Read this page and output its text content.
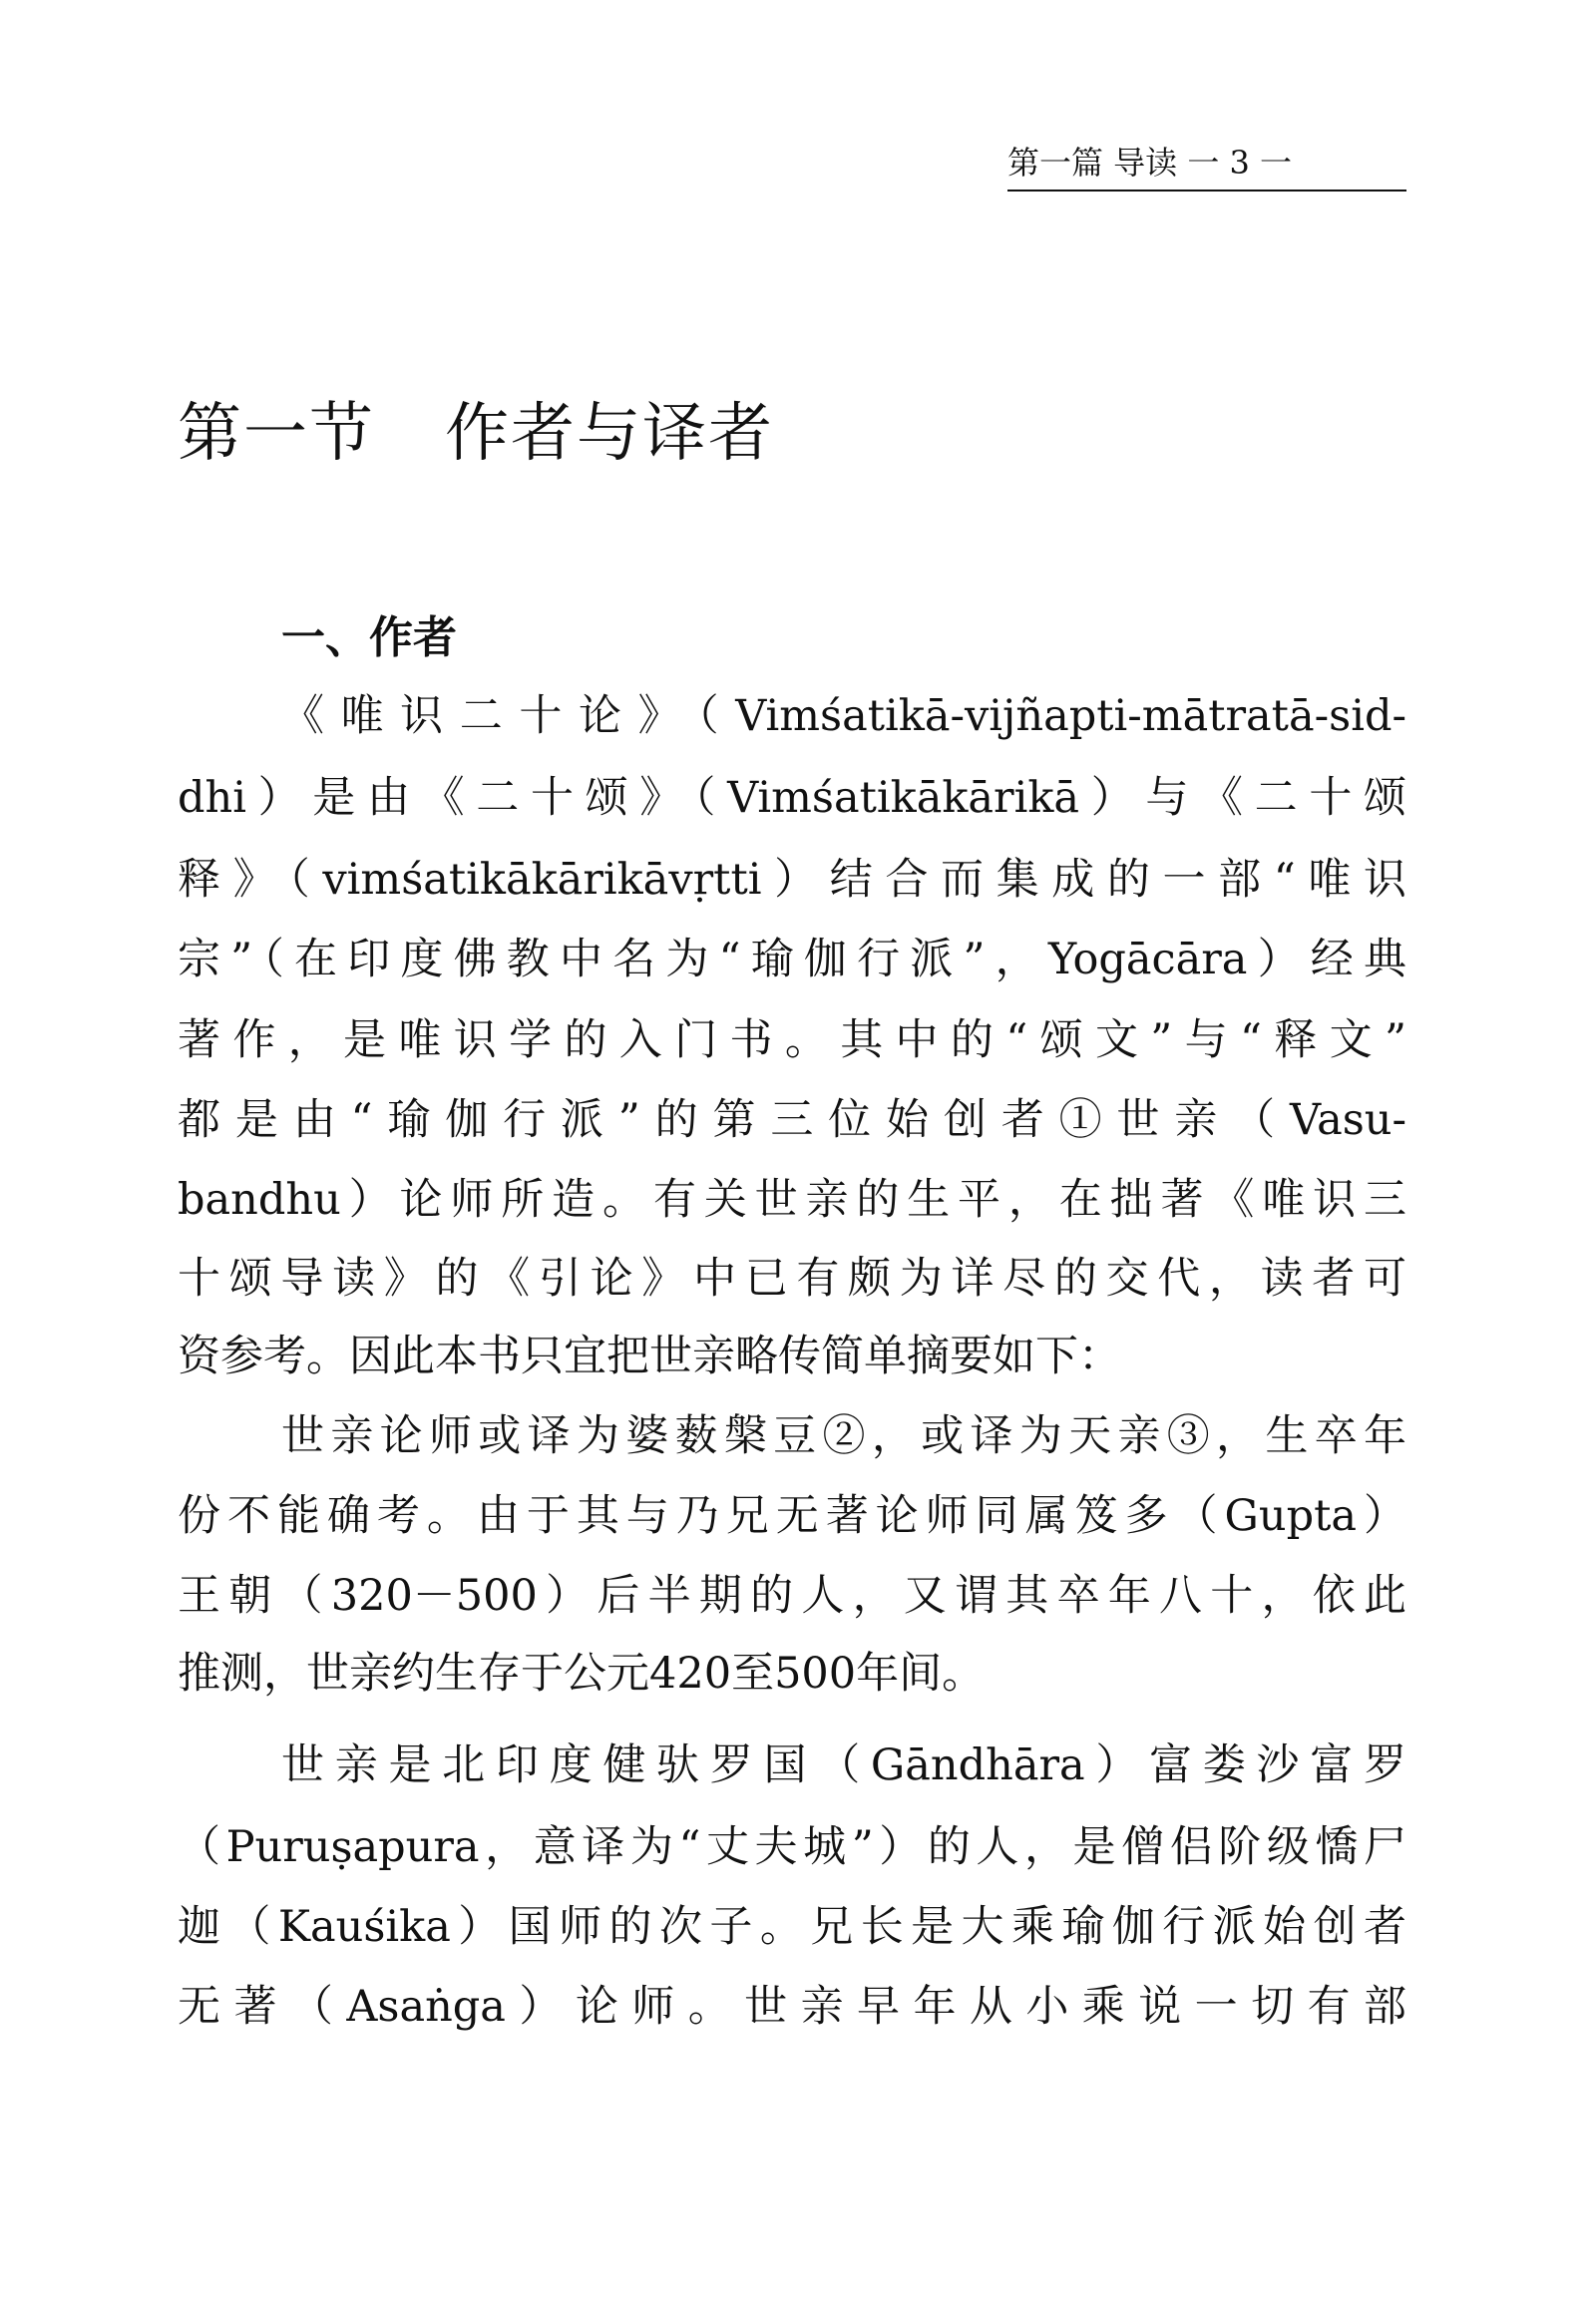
第一篇 导读 一 3 一
第一节 作者与译者
一、作者
《唯识二十论》（Vimśatikā-vijñapti-mātratā-sid-
dhi）是由《二十颂》（Vimśatikākārikā）与《二十颂
释》（vimśatikākārikāvṛtti）结合而集成的一部“唯识
宗”（在印度佛教中名为“瑜伽行派”，Yogācāra）经典
著作，是唯识学的入门书。其中的“颂文”与“释文”
都是由“瑜伽行派”的第三位始创者①世亲（Vasu-
bandhu）论师所造。有关世亲的生平，在拙著《唯识三
十颂导读》的《引论》中已有颇为详尽的交代，读者可
资参考。因此本书只宜把世亲略传简单摘要如下：
世亲论师或译为婆薮槃豆②，或译为天亲③，生卒年
份不能确考。由于其与乃兄无著论师同属笈多（Gupta）
王朝（320－500）后半期的人，又谓其卒年八十，依此
推测，世亲约生存于公元420至500年间。
世亲是北印度健驮罗国（Gāndhāra）富娄沙富罗
（Puruṣapura，意译为“丈夫城”）的人，是僧侣阶级憍尸
迦（Kauśika）国师的次子。兄长是大乘瑜伽行派始创者
无著（Asaṅga）论师。世亲早年从小乘说一切有部
